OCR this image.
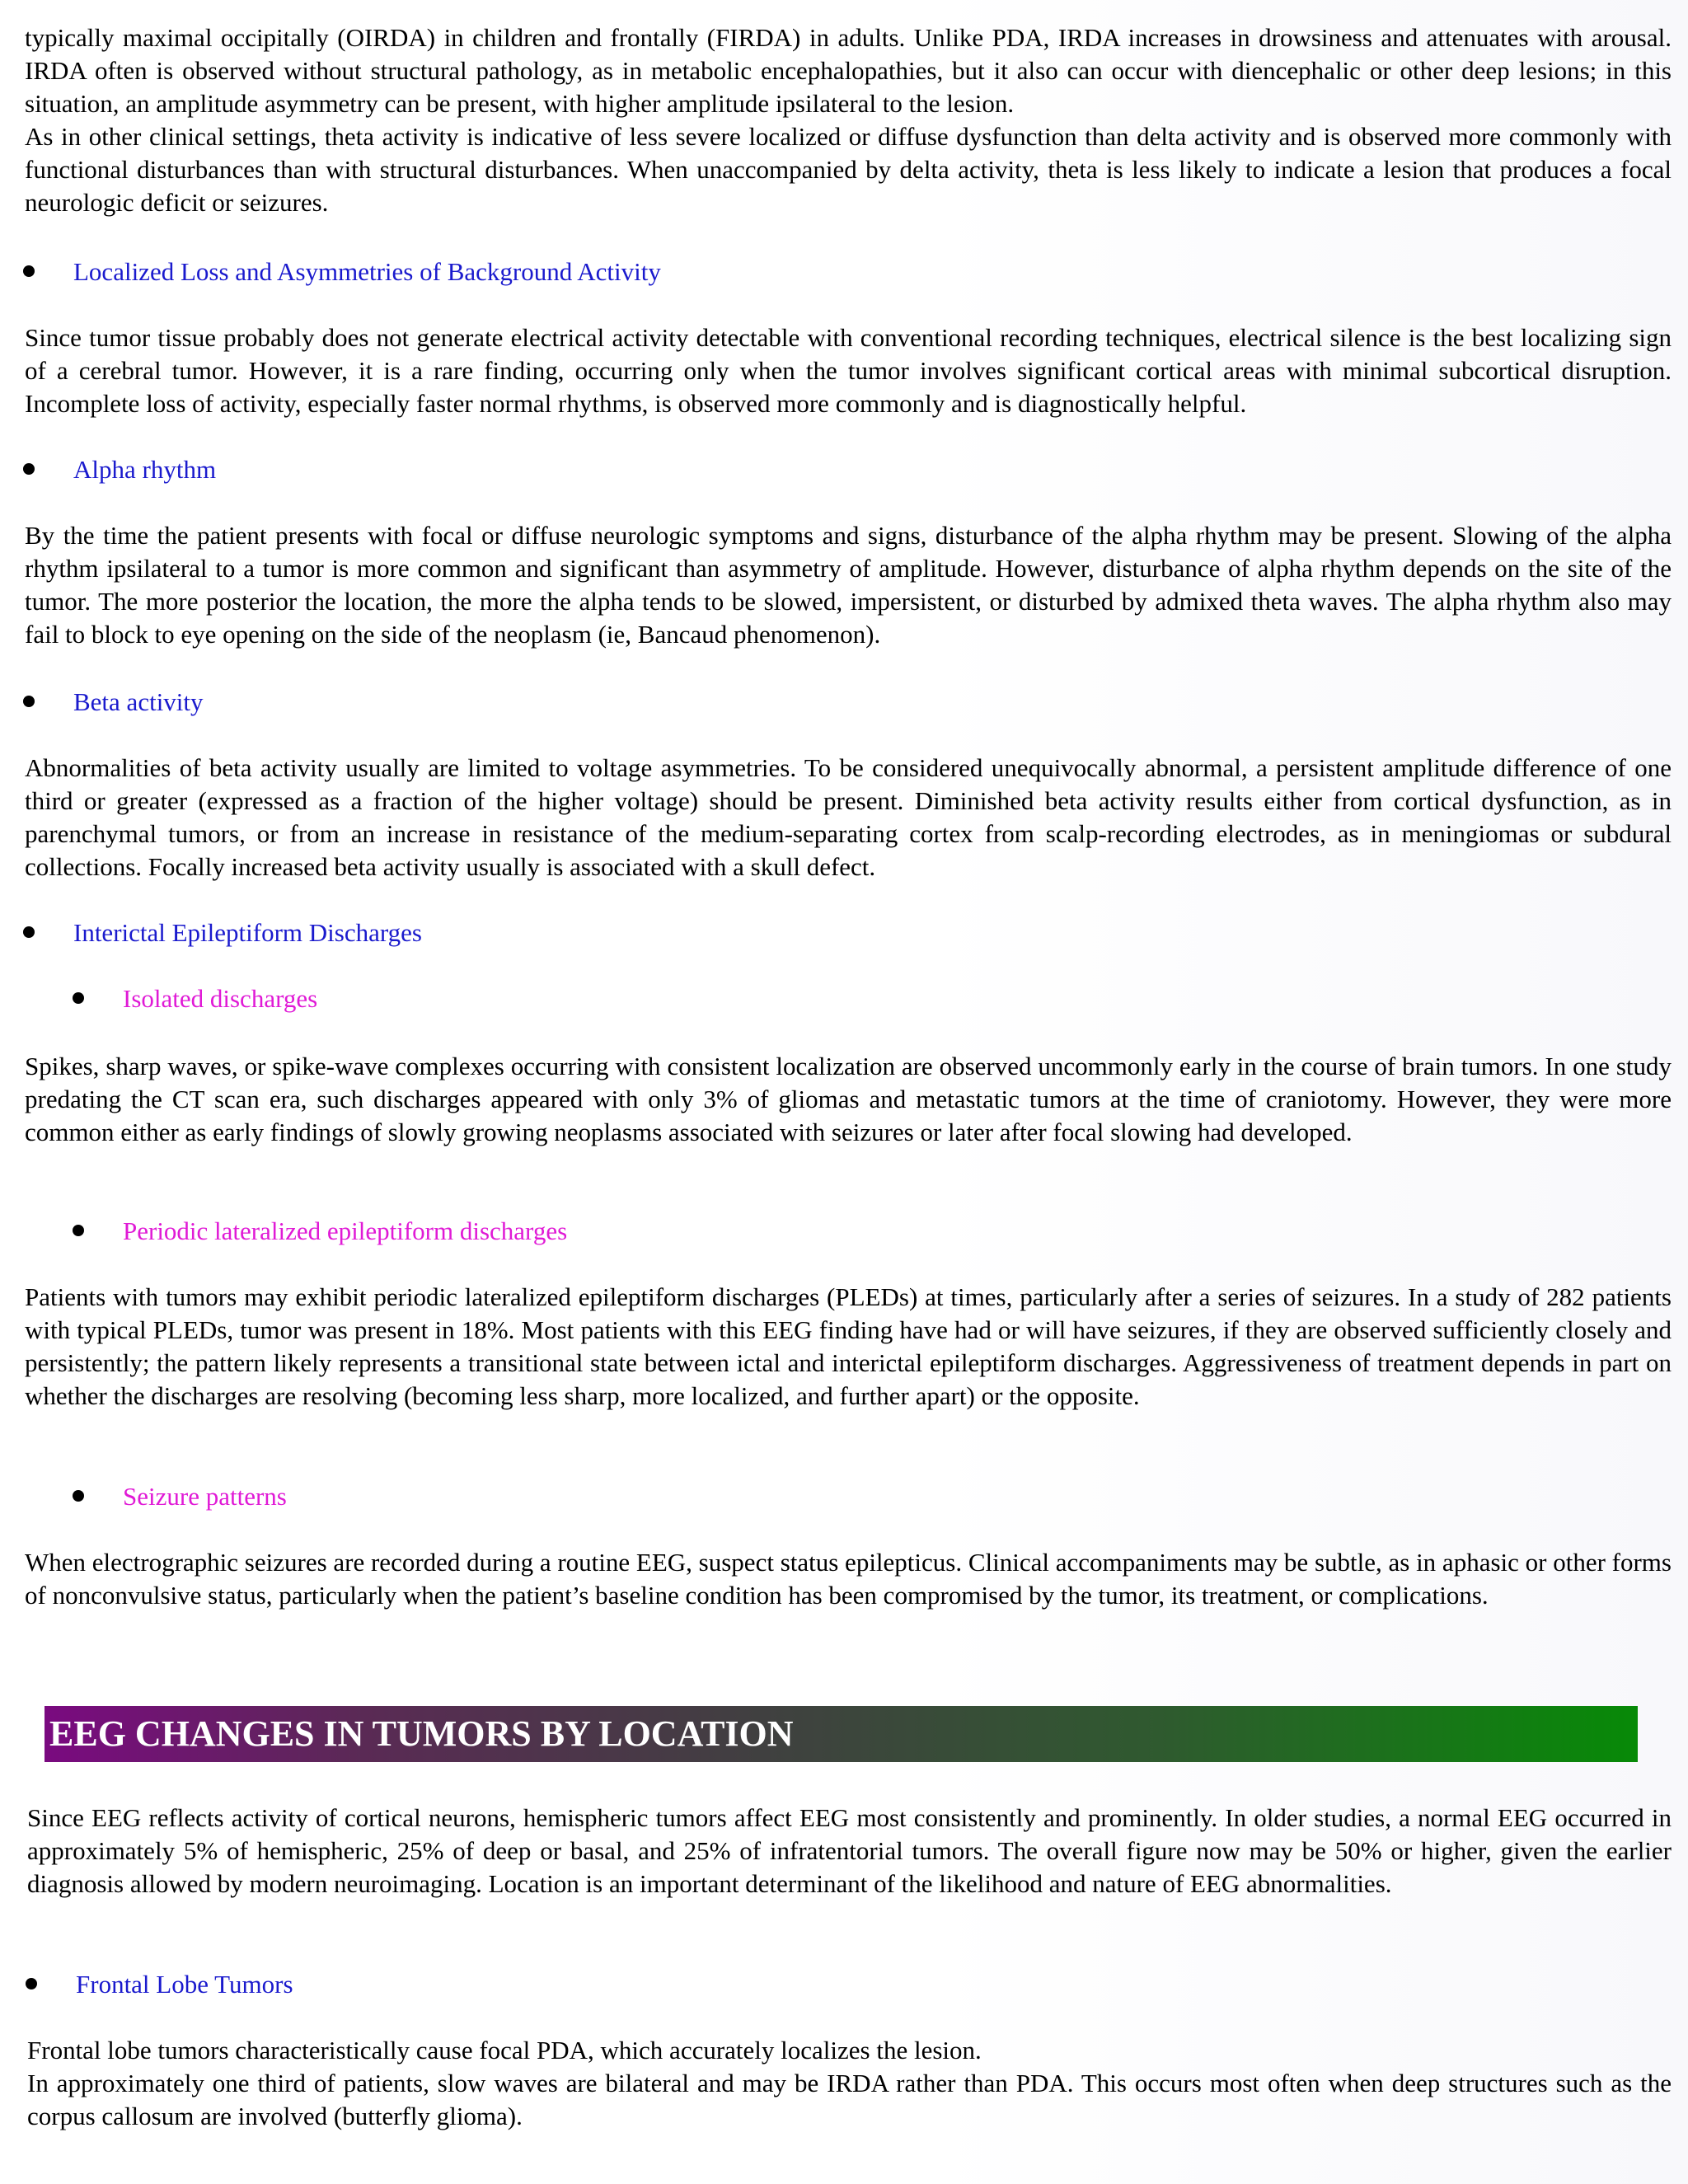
typically maximal occipitally (OIRDA) in children and frontally (FIRDA) in adults. Unlike PDA, IRDA increases in drowsiness and attenuates with arousal. IRDA often is observed without structural pathology, as in metabolic encephalopathies, but it also can occur with diencephalic or other deep lesions; in this situation, an amplitude asymmetry can be present, with higher amplitude ipsilateral to the lesion.

As in other clinical settings, theta activity is indicative of less severe localized or diffuse dysfunction than delta activity and is observed more commonly with functional disturbances than with structural disturbances. When unaccompanied by delta activity, theta is less likely to indicate a lesion that produces a focal neurologic deficit or seizures.

Localized Loss and Asymmetries of Background Activity

Since tumor tissue probably does not generate electrical activity detectable with conventional recording techniques, electrical silence is the best localizing sign of a cerebral tumor. However, it is a rare finding, occurring only when the tumor involves significant cortical areas with minimal subcortical disruption. Incomplete loss of activity, especially faster normal rhythms, is observed more commonly and is diagnostically helpful.

Alpha rhythm

By the time the patient presents with focal or diffuse neurologic symptoms and signs, disturbance of the alpha rhythm may be present. Slowing of the alpha rhythm ipsilateral to a tumor is more common and significant than asymmetry of amplitude. However, disturbance of alpha rhythm depends on the site of the tumor. The more posterior the location, the more the alpha tends to be slowed, impersistent, or disturbed by admixed theta waves. The alpha rhythm also may fail to block to eye opening on the side of the neoplasm (ie, Bancaud phenomenon).

Beta activity

Abnormalities of beta activity usually are limited to voltage asymmetries. To be considered unequivocally abnormal, a persistent amplitude difference of one third or greater (expressed as a fraction of the higher voltage) should be present. Diminished beta activity results either from cortical dysfunction, as in parenchymal tumors, or from an increase in resistance of the medium-separating cortex from scalp-recording electrodes, as in meningiomas or subdural collections. Focally increased beta activity usually is associated with a skull defect.

Interictal Epileptiform Discharges
Isolated discharges

Spikes, sharp waves, or spike-wave complexes occurring with consistent localization are observed uncommonly early in the course of brain tumors. In one study predating the CT scan era, such discharges appeared with only 3% of gliomas and metastatic tumors at the time of craniotomy. However, they were more common either as early findings of slowly growing neoplasms associated with seizures or later after focal slowing had developed.

Periodic lateralized epileptiform discharges

Patients with tumors may exhibit periodic lateralized epileptiform discharges (PLEDs) at times, particularly after a series of seizures. In a study of 282 patients with typical PLEDs, tumor was present in 18%. Most patients with this EEG finding have had or will have seizures, if they are observed sufficiently closely and persistently; the pattern likely represents a transitional state between ictal and interictal epileptiform discharges. Aggressiveness of treatment depends in part on whether the discharges are resolving (becoming less sharp, more localized, and further apart) or the opposite.

Seizure patterns

When electrographic seizures are recorded during a routine EEG, suspect status epilepticus. Clinical accompaniments may be subtle, as in aphasic or other forms of nonconvulsive status, particularly when the patient’s baseline condition has been compromised by the tumor, its treatment, or complications.

EEG CHANGES IN TUMORS BY LOCATION

Since EEG reflects activity of cortical neurons, hemispheric tumors affect EEG most consistently and prominently. In older studies, a normal EEG occurred in approximately 5% of hemispheric, 25% of deep or basal, and 25% of infratentorial tumors. The overall figure now may be 50% or higher, given the earlier diagnosis allowed by modern neuroimaging. Location is an important determinant of the likelihood and nature of EEG abnormalities.

Frontal Lobe Tumors

Frontal lobe tumors characteristically cause focal PDA, which accurately localizes the lesion.

In approximately one third of patients, slow waves are bilateral and may be IRDA rather than PDA. This occurs most often when deep structures such as the corpus callosum are involved (butterfly glioma).
